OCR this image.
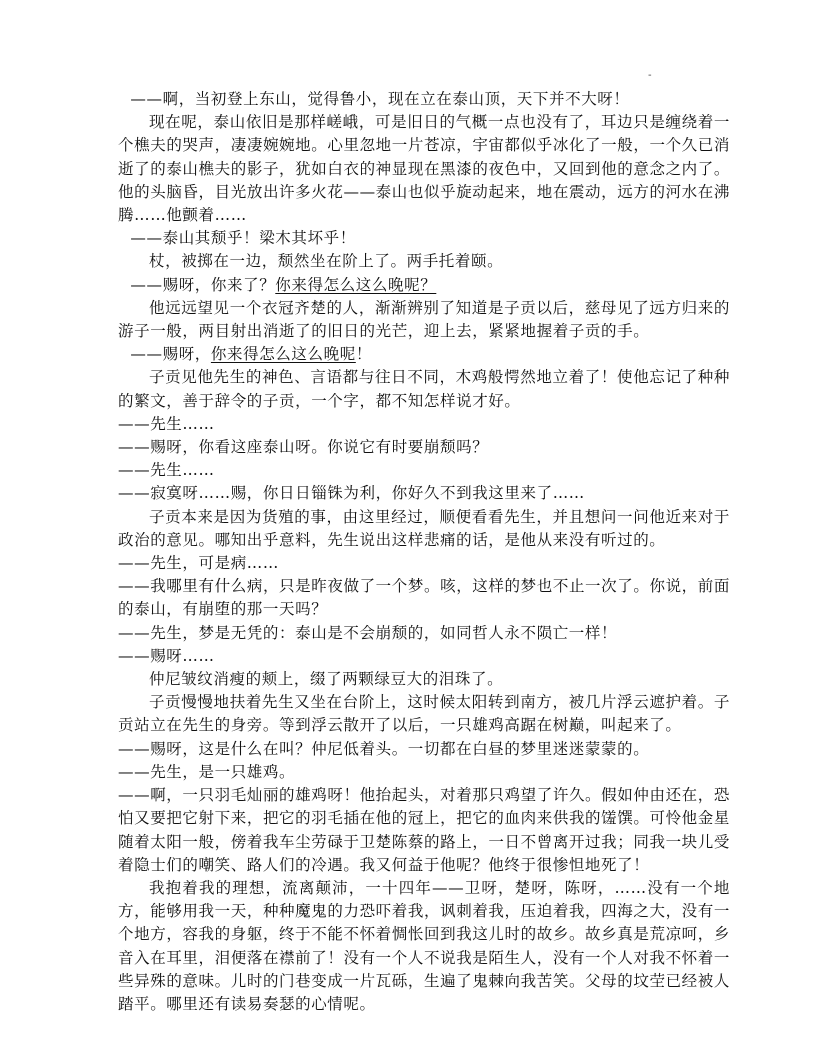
-

——啊，当初登上东山，觉得鲁小，现在立在泰山顶，天下并不大呀！

现在呢，泰山依旧是那样嵯峨，可是旧日的气概一点也没有了，耳边只是缠绕着一个樵夫的哭声，凄凄婉婉地。心里忽地一片苍凉，宇宙都似乎冰化了一般，一个久已消逝了的泰山樵夫的影子，犹如白衣的神显现在黑漆的夜色中，又回到他的意念之内了。他的头脑昏，目光放出许多火花——泰山也似乎旋动起来，地在震动，远方的河水在沸腾……他颤着……

——泰山其颓乎！梁木其坏乎！

杖，被掷在一边，颓然坐在阶上了。两手托着颐。

——赐呀，你来了？你来得怎么这么晚呢？

他远远望见一个衣冠齐楚的人，渐渐辨别了知道是子贡以后，慈母见了远方归来的游子一般，两目射出消逝了的旧日的光芒，迎上去，紧紧地握着子贡的手。

——赐呀，你来得怎么这么晚呢！

子贡见他先生的神色、言语都与往日不同，木鸡般愕然地立着了！使他忘记了种种的繁文，善于辞令的子贡，一个字，都不知怎样说才好。

——先生……

——赐呀，你看这座泰山呀。你说它有时要崩颓吗？

——先生……

——寂寞呀……赐，你日日锱铢为利，你好久不到我这里来了……

子贡本来是因为货殖的事，由这里经过，顺便看看先生，并且想问一问他近来对于政治的意见。哪知出乎意料，先生说出这样悲痛的话，是他从来没有听过的。

——先生，可是病……

——我哪里有什么病，只是昨夜做了一个梦。咳，这样的梦也不止一次了。你说，前面的泰山，有崩堕的那一天吗？

——先生，梦是无凭的：泰山是不会崩颓的，如同哲人永不陨亡一样！

——赐呀……

仲尼皱纹消瘦的颊上，缀了两颗绿豆大的泪珠了。

子贡慢慢地扶着先生又坐在台阶上，这时候太阳转到南方，被几片浮云遮护着。子贡站立在先生的身旁。等到浮云散开了以后，一只雄鸡高踞在树巅，叫起来了。

——赐呀，这是什么在叫？仲尼低着头。一切都在白昼的梦里迷迷蒙蒙的。

——先生，是一只雄鸡。

——啊，一只羽毛灿丽的雄鸡呀！他抬起头，对着那只鸡望了许久。假如仲由还在，恐怕又要把它射下来，把它的羽毛插在他的冠上，把它的血肉来供我的馐馔。可怜他金星随着太阳一般，傍着我车尘劳碌于卫楚陈蔡的路上，一日不曾离开过我；同我一块儿受着隐士们的嘲笑、路人们的冷遇。我又何益于他呢？他终于很惨怛地死了！

我抱着我的理想，流离颠沛，一十四年——卫呀，楚呀，陈呀，……没有一个地方，能够用我一天，种种魔鬼的力恐吓着我，讽刺着我，压迫着我，四海之大，没有一个地方，容我的身躯，终于不能不怀着惆怅回到我这儿时的故乡。故乡真是荒凉呵，乡音入在耳里，泪便落在襟前了！没有一个人不说我是陌生人，没有一个人对我不怀着一些异殊的意味。儿时的门巷变成一片瓦砾，生遍了鬼棘向我苦笑。父母的坟茔已经被人踏平。哪里还有读易奏瑟的心情呢。
